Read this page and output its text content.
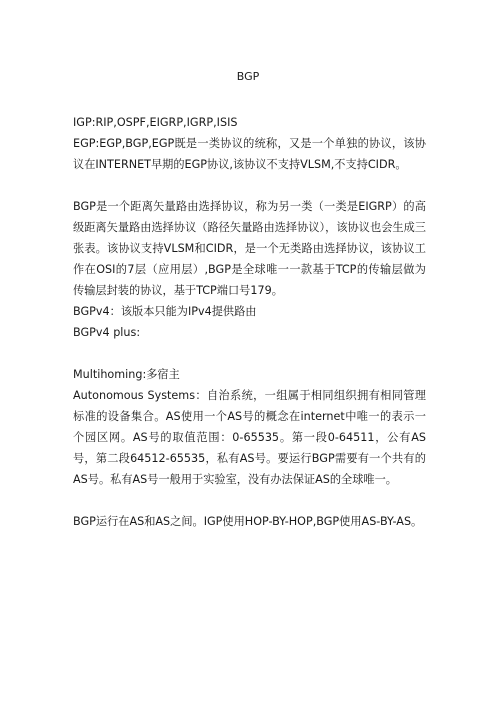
BGP

IGP:RIP,OSPF,EIGRP,IGRP,ISIS

EGP:EGP,BGP,EGP既是一类协议的统称，又是一个单独的协议，该协议在INTERNET早期的EGP协议,该协议不支持VLSM,不支持CIDR。

BGP是一个距离矢量路由选择协议，称为另一类（一类是EIGRP）的高级距离矢量路由选择协议（路径矢量路由选择协议），该协议也会生成三张表。该协议支持VLSM和CIDR，是一个无类路由选择协议，该协议工作在OSI的7层（应用层）,BGP是全球唯一一款基于TCP的传输层做为传输层封装的协议，基于TCP端口号179。

BGPv4：该版本只能为IPv4提供路由

BGPv4 plus:

Multihoming:多宿主

Autonomous Systems：自治系统，一组属于相同组织拥有相同管理标准的设备集合。AS使用一个AS号的概念在internet中唯一的表示一个园区网。AS号的取值范围：0-65535。第一段0-64511，公有AS号，第二段64512-65535，私有AS号。要运行BGP需要有一个共有的AS号。私有AS号一般用于实验室，没有办法保证AS的全球唯一。

BGP运行在AS和AS之间。IGP使用HOP-BY-HOP,BGP使用AS-BY-AS。
